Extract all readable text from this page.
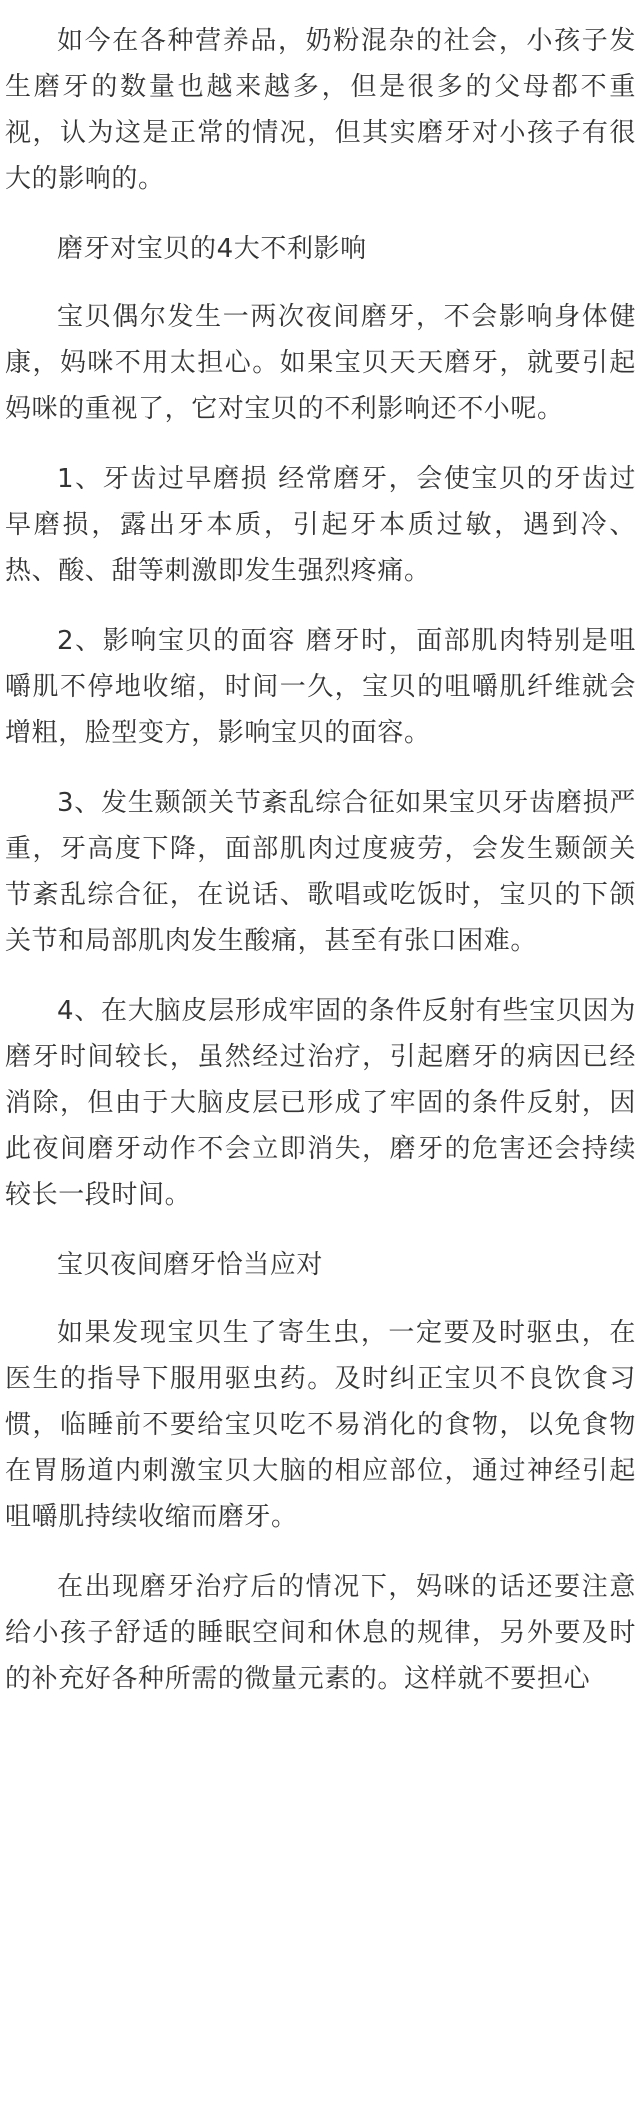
如今在各种营养品，奶粉混杂的社会，小孩子发生磨牙的数量也越来越多，但是很多的父母都不重视，认为这是正常的情况，但其实磨牙对小孩子有很大的影响的。

磨牙对宝贝的4大不利影响

宝贝偶尔发生一两次夜间磨牙，不会影响身体健康，妈咪不用太担心。如果宝贝天天磨牙，就要引起妈咪的重视了，它对宝贝的不利影响还不小呢。

1、牙齿过早磨损 经常磨牙，会使宝贝的牙齿过早磨损，露出牙本质，引起牙本质过敏，遇到冷、热、酸、甜等刺激即发生强烈疼痛。

2、影响宝贝的面容 磨牙时，面部肌肉特别是咀嚼肌不停地收缩，时间一久，宝贝的咀嚼肌纤维就会增粗，脸型变方，影响宝贝的面容。

3、发生颞颌关节紊乱综合征如果宝贝牙齿磨损严重，牙高度下降，面部肌肉过度疲劳，会发生颞颌关节紊乱综合征，在说话、歌唱或吃饭时，宝贝的下颌关节和局部肌肉发生酸痛，甚至有张口困难。

4、在大脑皮层形成牢固的条件反射有些宝贝因为磨牙时间较长，虽然经过治疗，引起磨牙的病因已经消除，但由于大脑皮层已形成了牢固的条件反射，因此夜间磨牙动作不会立即消失，磨牙的危害还会持续较长一段时间。

宝贝夜间磨牙恰当应对

如果发现宝贝生了寄生虫，一定要及时驱虫，在医生的指导下服用驱虫药。及时纠正宝贝不良饮食习惯，临睡前不要给宝贝吃不易消化的食物，以免食物在胃肠道内刺激宝贝大脑的相应部位，通过神经引起咀嚼肌持续收缩而磨牙。

在出现磨牙治疗后的情况下，妈咪的话还要注意给小孩子舒适的睡眠空间和休息的规律，另外要及时的补充好各种所需的微量元素的。这样就不要担心
